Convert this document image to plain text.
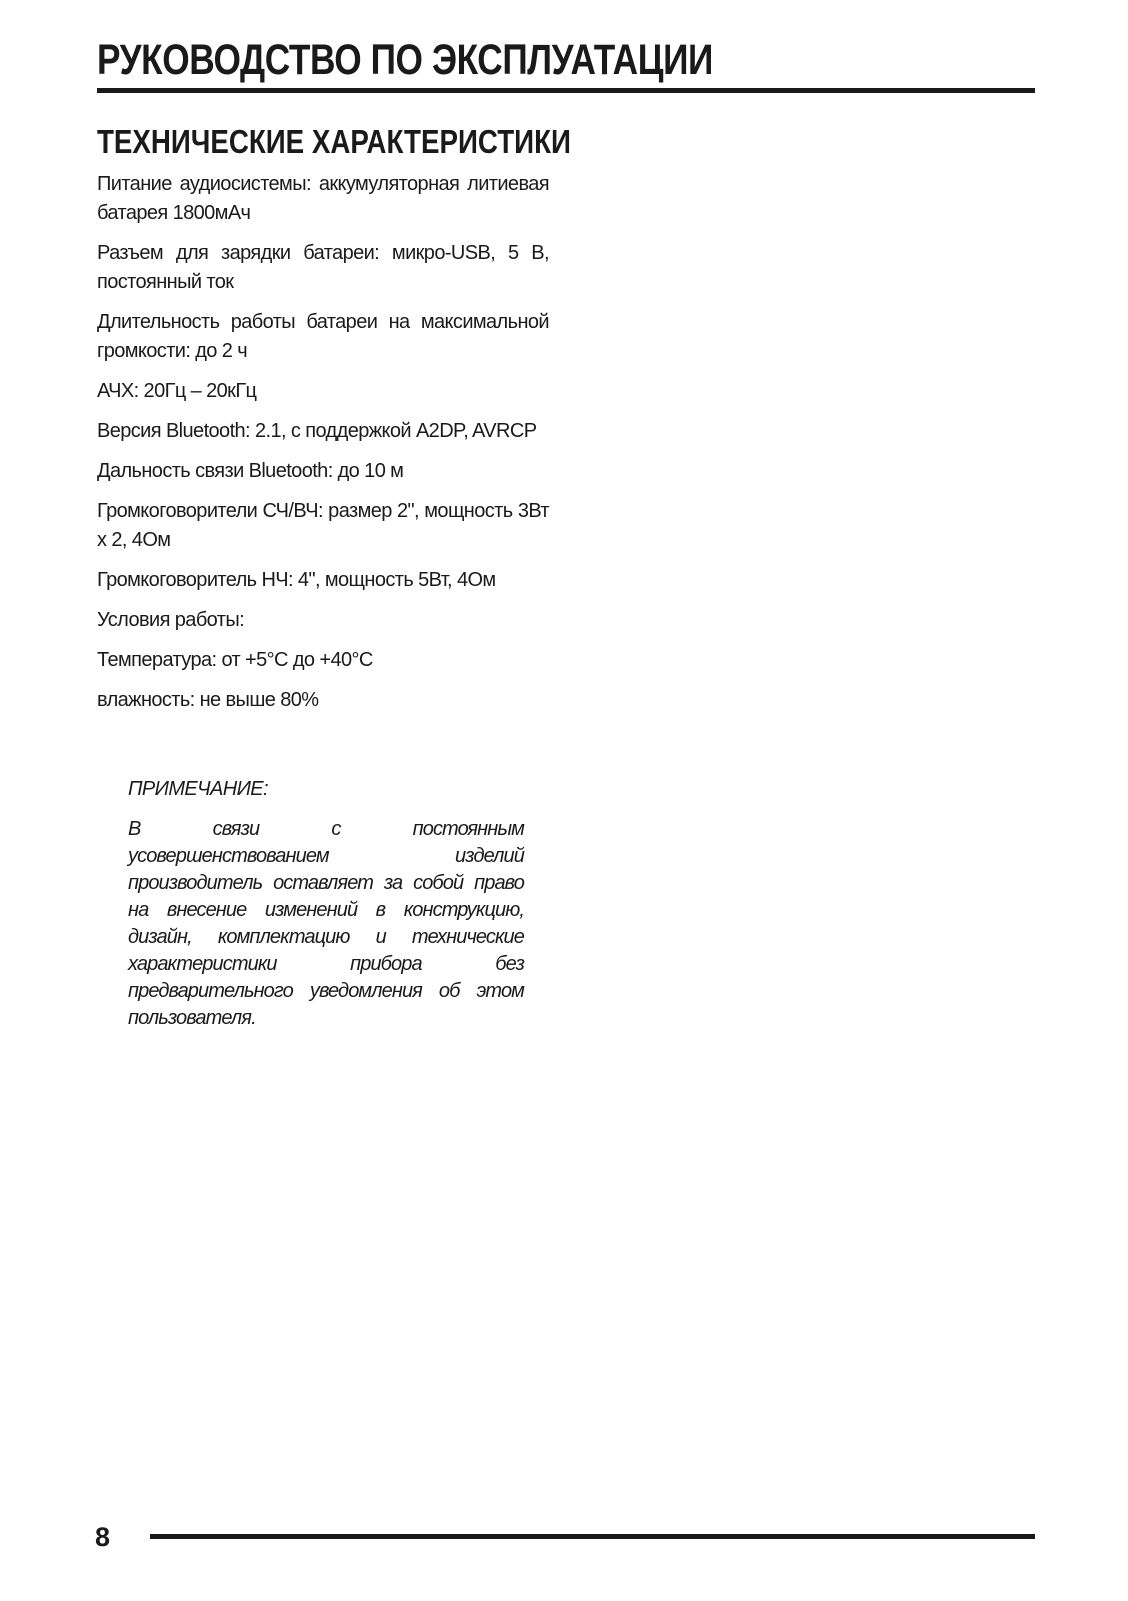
РУКОВОДСТВО ПО ЭКСПЛУАТАЦИИ
ТЕХНИЧЕСКИЕ ХАРАКТЕРИСТИКИ
Питание аудиосистемы: аккумуляторная литиевая батарея 1800мАч
Разъем для зарядки батареи: микро-USB, 5 В, постоянный ток
Длительность работы батареи на максимальной громкости: до 2 ч
АЧХ: 20Гц – 20кГц
Версия Bluetooth: 2.1, с поддержкой A2DP, AVRCP
Дальность связи Bluetooth: до 10 м
Громкоговорители СЧ/ВЧ: размер 2", мощность 3Вт x 2, 4Ом
Громкоговоритель НЧ: 4", мощность 5Вт, 4Ом
Условия работы:
Температура: от +5°С до +40°С
влажность: не выше 80%

ПРИМЕЧАНИЕ:

В связи с постоянным усовершенствованием изделий производитель оставляет за собой право на внесение изменений в конструкцию, дизайн, комплектацию и технические характеристики прибора без предварительного уведомления об этом пользователя.

8
